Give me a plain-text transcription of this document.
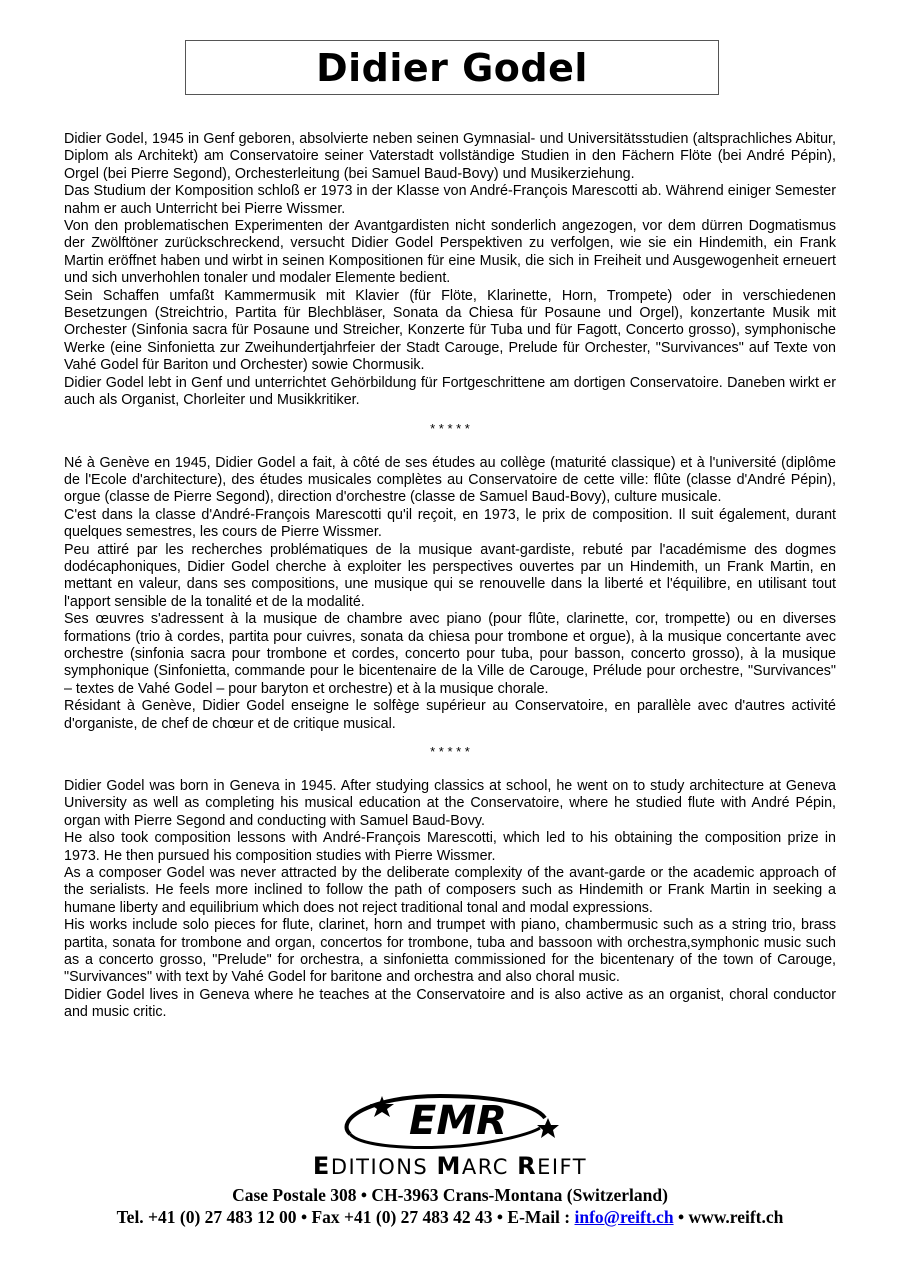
Didier Godel

Didier Godel, 1945 in Genf geboren, absolvierte neben seinen Gymnasial- und Universitätsstudien (altsprachliches Abitur, Diplom als Architekt) am Conservatoire seiner Vaterstadt vollständige Studien in den Fächern Flöte (bei André Pépin), Orgel (bei Pierre Segond), Orchesterleitung (bei Samuel Baud-Bovy) und Musikerziehung.

Das Studium der Komposition schloß er 1973 in der Klasse von André-François Marescotti ab. Während einiger Semester nahm er auch Unterricht bei Pierre Wissmer.

Von den problematischen Experimenten der Avantgardisten nicht sonderlich angezogen, vor dem dürren Dogmatismus der Zwölftöner zurückschreckend, versucht Didier Godel Perspektiven zu verfolgen, wie sie ein Hindemith, ein Frank Martin eröffnet haben und wirbt in seinen Kompositionen für eine Musik, die sich in Freiheit und Ausgewogenheit erneuert und sich unverhohlen tonaler und modaler Elemente bedient.

Sein Schaffen umfaßt Kammermusik mit Klavier (für Flöte, Klarinette, Horn, Trompete) oder in verschiedenen Besetzungen (Streichtrio, Partita für Blechbläser, Sonata da Chiesa für Posaune und Orgel), konzertante Musik mit Orchester (Sinfonia sacra für Posaune und Streicher, Konzerte für Tuba und für Fagott, Concerto grosso), symphonische Werke (eine Sinfonietta zur Zweihundertjahrfeier der Stadt Carouge, Prelude für Orchester, "Survivances" auf Texte von Vahé Godel für Bariton und Orchester) sowie Chormusik.

Didier Godel lebt in Genf und unterrichtet Gehörbildung für Fortgeschrittene am dortigen Conservatoire. Daneben wirkt er auch als Organist, Chorleiter und Musikkritiker.

* * * * *

Né à Genève en 1945, Didier Godel a fait, à côté de ses études au collège (maturité classique) et à l'université (diplôme de l'Ecole d'architecture), des études musicales complètes au Conservatoire de cette ville: flûte (classe d'André Pépin), orgue (classe de Pierre Segond), direction d'orchestre (classe de Samuel Baud-Bovy), culture musicale.

C'est dans la classe d'André-François Marescotti qu'il reçoit, en 1973, le prix de composition. Il suit également, durant quelques semestres, les cours de Pierre Wissmer.

Peu attiré par les recherches problématiques de la musique avant-gardiste, rebuté par l'académisme des dogmes dodécaphoniques, Didier Godel cherche à exploiter les perspectives ouvertes par un Hindemith, un Frank Martin, en mettant en valeur, dans ses compositions, une musique qui se renouvelle dans la liberté et l'équilibre, en utilisant tout l'apport sensible de la tonalité et de la modalité.

Ses œuvres s'adressent à la musique de chambre avec piano (pour flûte, clarinette, cor, trompette) ou en diverses formations (trio à cordes, partita pour cuivres, sonata da chiesa pour trombone et orgue), à la musique concertante avec orchestre (sinfonia sacra pour trombone et cordes, concerto pour tuba, pour basson, concerto grosso), à la musique symphonique (Sinfonietta, commande pour le bicentenaire de la Ville de Carouge, Prélude pour orchestre, "Survivances" – textes de Vahé Godel – pour baryton et orchestre) et à la musique chorale.

Résidant à Genève, Didier Godel enseigne le solfège supérieur au Conservatoire, en parallèle avec d'autres activité d'organiste, de chef de chœur et de critique musical.

* * * * *

Didier Godel was born in Geneva in 1945. After studying classics at school, he went on to study architecture at Geneva University as well as completing his musical education at the Conservatoire, where he studied flute with André Pépin, organ with Pierre Segond and conducting with Samuel Baud-Bovy.

He also took composition lessons with André-François Marescotti, which led to his obtaining the composition prize in 1973. He then pursued his composition studies with Pierre Wissmer.

As a composer Godel was never attracted by the deliberate complexity of the avant-garde or the academic approach of the serialists. He feels more inclined to follow the path of composers such as Hindemith or Frank Martin in seeking a humane liberty and equilibrium which does not reject traditional tonal and modal expressions.

His works include solo pieces for flute, clarinet, horn and trumpet with piano, chambermusic such as a string trio, brass partita, sonata for trombone and organ, concertos for trombone, tuba and bassoon with orchestra,symphonic music such as a concerto grosso, "Prelude" for orchestra, a sinfonietta commissioned for the bicentenary of the town of Carouge, "Survivances" with text by Vahé Godel for baritone and orchestra and also choral music.

Didier Godel lives in Geneva where he teaches at the Conservatoire and is also active as an organist, choral conductor and music critic.

EMR
EDITIONS MARC REIFT
Case Postale 308 • CH-3963 Crans-Montana (Switzerland)
Tel. +41 (0) 27 483 12 00 • Fax +41 (0) 27 483 42 43 • E-Mail : info@reift.ch • www.reift.ch
